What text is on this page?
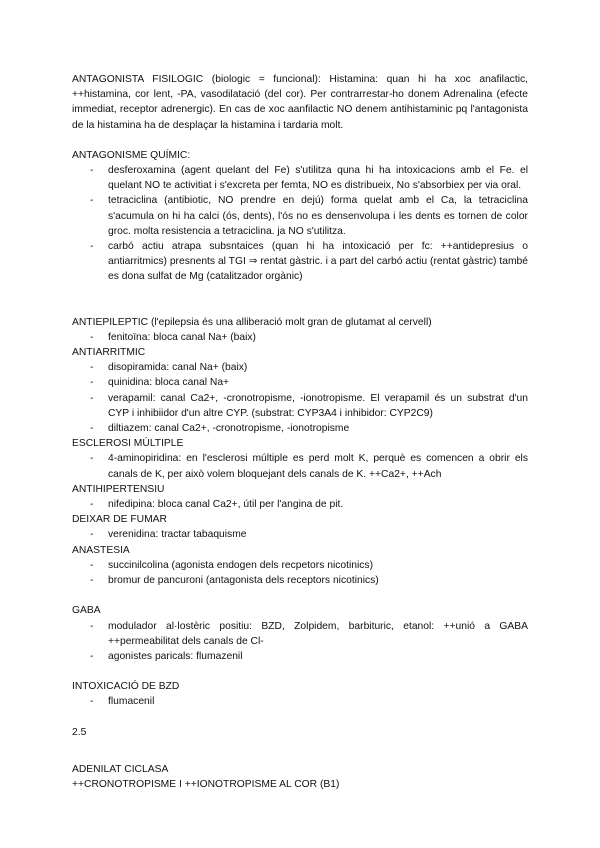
ANTAGONISTA FISILOGIC (biologic = funcional): Histamina: quan hi ha xoc anafilactic, ++histamina, cor lent, -PA, vasodilatació (del cor). Per contrarrestar-ho donem Adrenalina (efecte immediat, receptor adrenergic). En cas de xoc aanfilactic NO denem antihistaminic pq l'antagonista de la histamina ha de desplaçar la histamina i tardaria molt.

ANTAGONISME QUÍMIC:

- desferoxamina (agent quelant del Fe) s'utilitza quna hi ha intoxicacions amb el Fe. el quelant NO te activitiat i s'excreta per femta, NO es distribueix, No s'absorbiex per via oral.
- tetraciclina (antibiotic, NO prendre en dejú) forma quelat amb el Ca, la tetraciclina s'acumula on hi ha calci (ós, dents), l'ós no es densenvolupa i les dents es tornen de color groc. molta resistencia a tetraciclina. ja NO s'utilitza.
- carbó actiu atrapa subsntaices (quan hi ha intoxicació per fc: ++antidepresius o antiarritmics) presnents al TGI ⇒ rentat gàstric. i a part del carbó actiu (rentat gàstric) també es dona sulfat de Mg (catalitzador orgànic)

ANTIEPILEPTIC (l'epilepsia és una alliberació molt gran de glutamat al cervell)

- fenitoïna: bloca canal Na+ (baix)

ANTIARRITMIC

- disopiramida: canal Na+ (baix)
- quinidina: bloca canal Na+
- verapamil: canal Ca2+, -cronotropisme, -ionotropisme. El verapamil és un substrat d'un CYP i inhibiidor d'un altre CYP. (substrat: CYP3A4 i inhibidor: CYP2C9)
- diltiazem: canal Ca2+, -cronotropisme, -ionotropisme

ESCLEROSI MÚLTIPLE

- 4-aminopiridina: en l'esclerosi múltiple es perd molt K, perquè es comencen a obrir els canals de K, per això volem bloquejant dels canals de K. ++Ca2+, ++Ach

ANTIHIPERTENSIU

- nifedipina: bloca canal Ca2+, útil per l'angina de pit.

DEIXAR DE FUMAR

- verenidina: tractar tabaquisme

ANASTESIA

- succinilcolina (agonista endogen dels recpetors nicotinics)
- bromur de pancuroni (antagonista dels receptors nicotinics)

GABA

- modulador al·lostèric positiu: BZD, Zolpidem, barbituric, etanol: ++unió a GABA ++permeabilitat dels canals de Cl-
- agonistes paricals: flumazenil

INTOXICACIÓ DE BZD

- flumacenil

2.5

ADENILAT CICLASA

++CRONOTROPISME I ++IONOTROPISME AL COR (B1)
